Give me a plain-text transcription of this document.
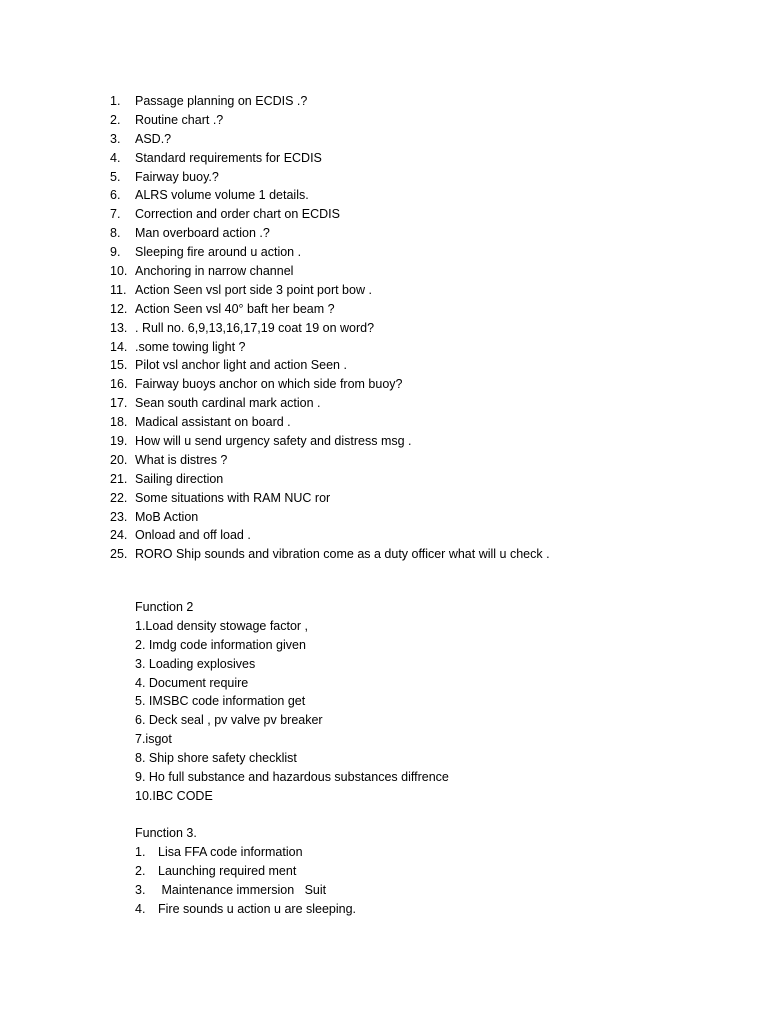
1.	Passage planning on ECDIS .?
2.	Routine chart .?
3.	ASD.?
4.	Standard requirements for ECDIS
5.	Fairway buoy.?
6.	ALRS volume volume 1 details.
7.	Correction and order chart on ECDIS
8.	Man overboard action .?
9.	Sleeping fire around u action .
10. Anchoring in narrow channel
11. Action Seen vsl port side 3 point port bow .
12. Action Seen vsl 40° baft her beam ?
13. . Rull no. 6,9,13,16,17,19 coat 19 on word?
14. .some towing light ?
15. Pilot vsl anchor light and action Seen .
16. Fairway buoys anchor on which side from buoy?
17. Sean south cardinal mark action .
18. Madical assistant on board .
19. How will u send urgency safety and distress msg .
20. What is distres ?
21. Sailing direction
22. Some situations with RAM NUC ror
23. MoB Action
24. Onload and off load .
25. RORO Ship sounds and vibration come as a duty officer what will u check .
Function 2
1.Load density stowage factor ,
2. Imdg code information given
3. Loading explosives
4. Document require
5. IMSBC code information get
6. Deck seal , pv valve pv breaker
7.isgot
8. Ship shore safety checklist
9. Ho full substance and hazardous substances diffrence
10.IBC CODE
Function 3.
1.	Lisa FFA code information
2.	Launching required ment
3.	Maintenance immersion   Suit
4.	Fire sounds u action u are sleeping.
